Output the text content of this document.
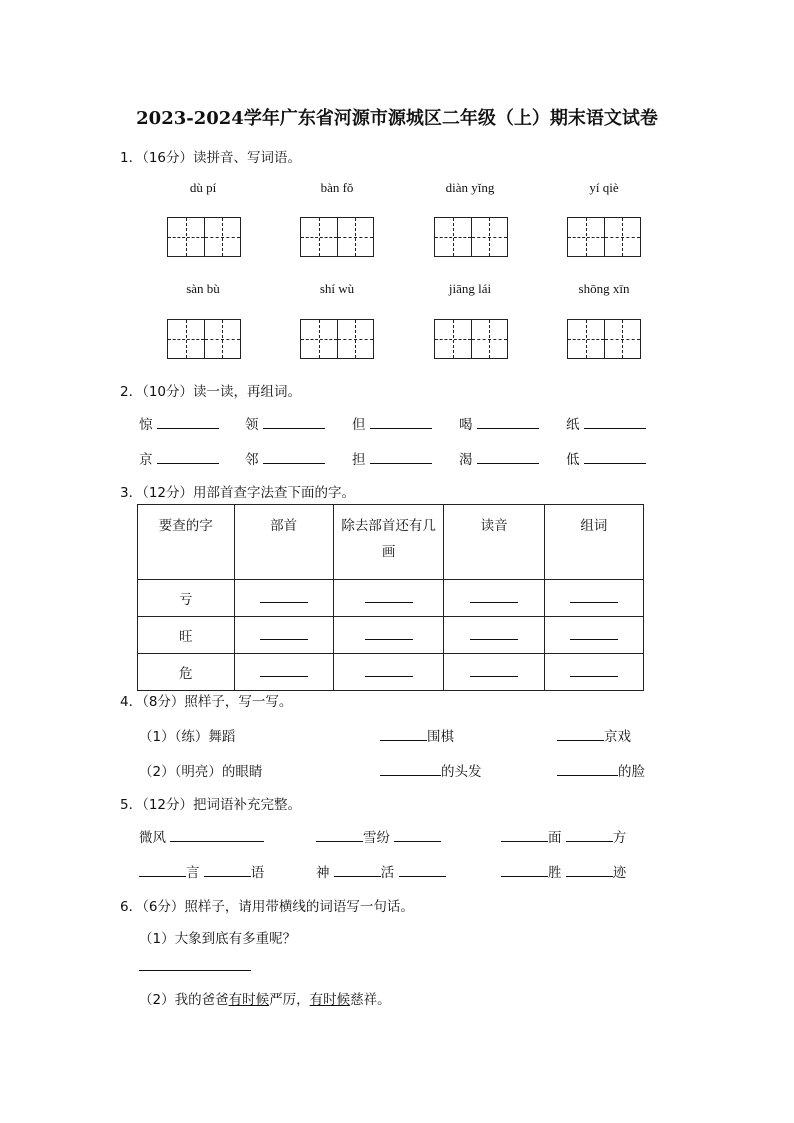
2023-2024学年广东省河源市源城区二年级（上）期末语文试卷
1．（16分）读拼音、写词语。
dù pí	bàn fǒ	diàn yǐng	yí qiè
sàn bù	shí wù	jiāng lái	shōng xīn
2．（10分）读一读，再组词。
惊	领	但	喝	纸
京	邻	担	渴	低
3．（12分）用部首查字法查下面的字。
要查的字	部首	除去部首还有几画	读音	组词
亏				
旺				
危				
4．（8分）照样子，写一写。
（1）（练）舞蹈	围棋	京戏
（2）（明亮）的眼睛	的头发	的脸
5．（12分）把词语补充完整。
微风	雪纷	面	方
言	语	神	活	胜	迹
6．（6分）照样子，请用带横线的词语写一句话。
（1）大象到底有多重呢？
（2）我的爸爸有时候严厉，有时候慈祥。
